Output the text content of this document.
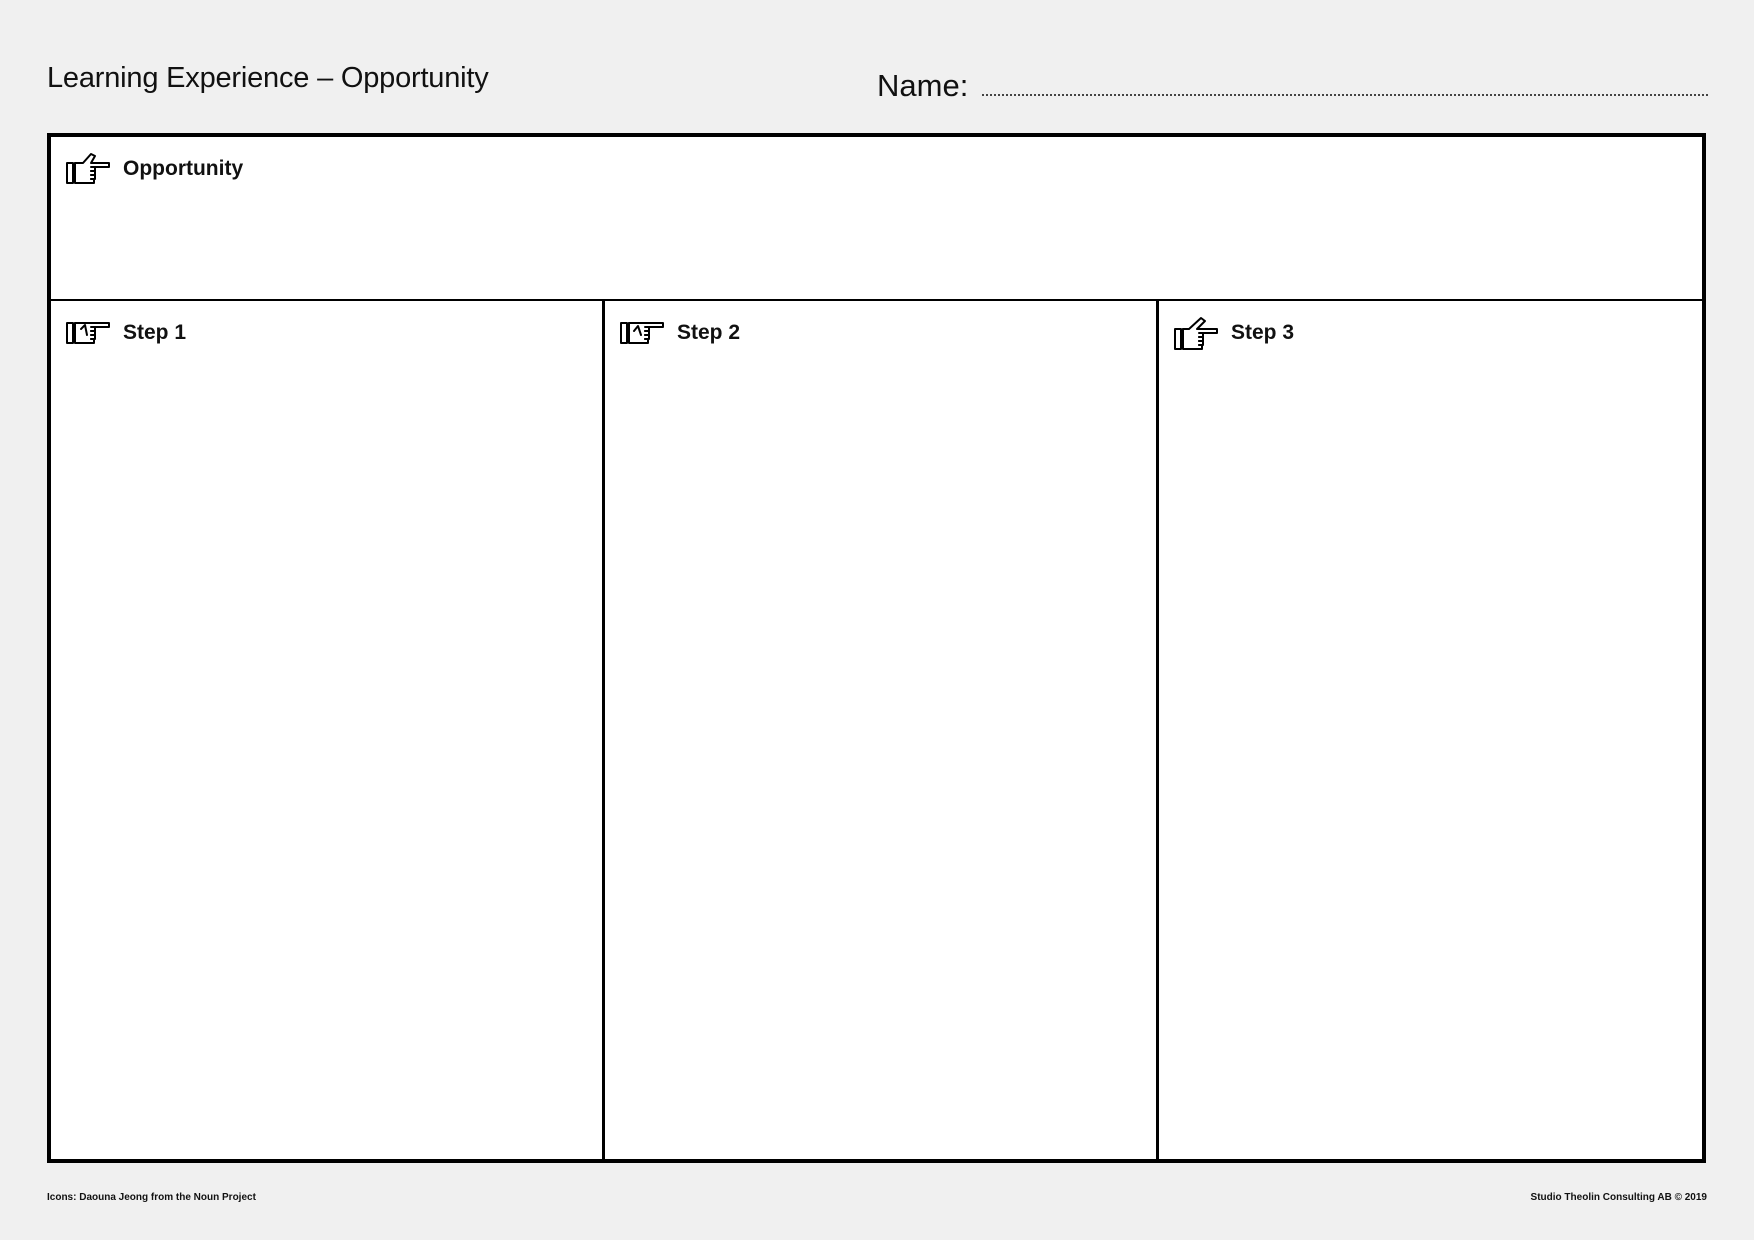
Learning Experience – Opportunity	Name:
Opportunity
Step 1	Step 2	Step 3
Icons: Daouna Jeong from the Noun Project	Studio Theolin Consulting AB © 2019
